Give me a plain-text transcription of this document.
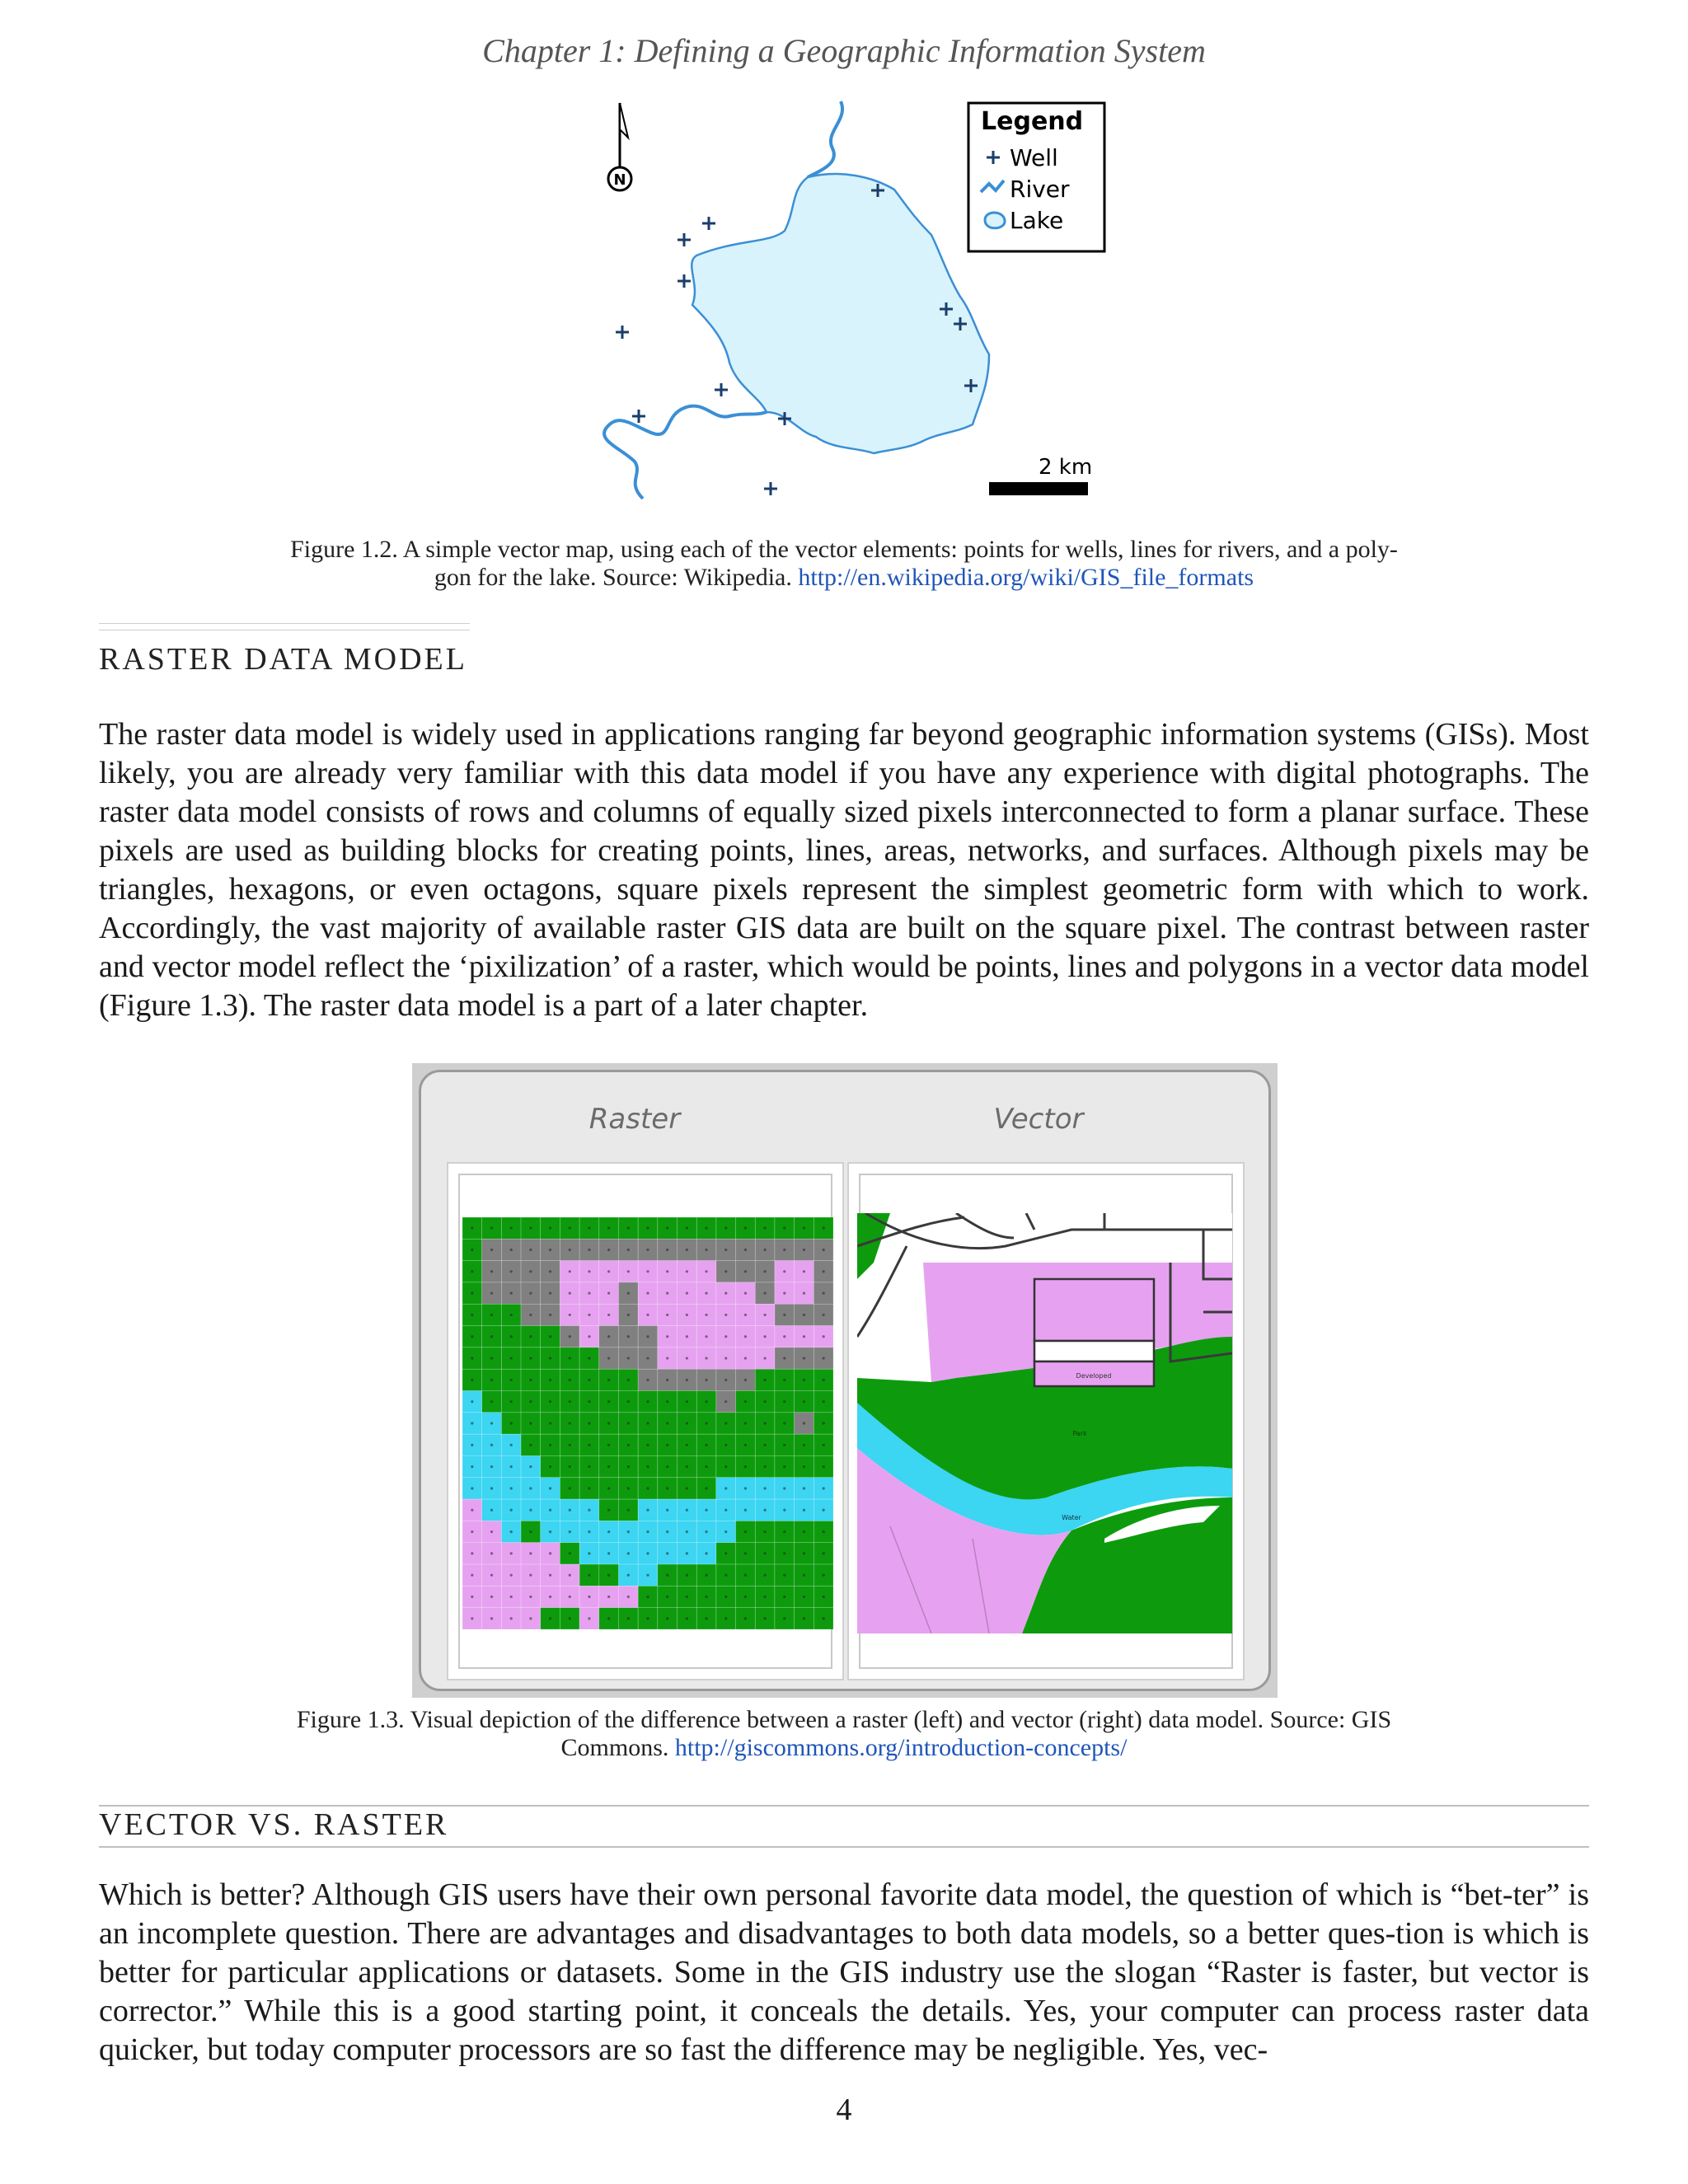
Chapter 1: Defining a Geographic Information System
N
Legend
Well
River
Lake
2 km
Figure 1.2. A simple vector map, using each of the vector elements: points for wells, lines for rivers, and a poly-
gon for the lake. Source: Wikipedia. http://en.wikipedia.org/wiki/GIS_file_formats
RASTER DATA MODEL

The raster data model is widely used in applications ranging far beyond geographic information systems (GISs). Most likely, you are already very familiar with this data model if you have any experience with digital photographs. The raster data model consists of rows and columns of equally sized pixels interconnected to form a planar surface. These pixels are used as building blocks for creating points, lines, areas, networks, and surfaces. Although pixels may be triangles, hexagons, or even octagons, square pixels represent the simplest geometric form with which to work. Accordingly, the vast majority of available raster GIS data are built on the square pixel. The contrast between raster and vector model reflect the ‘pixilization’ of a raster, which would be points, lines and polygons in a vector data model (Figure 1.3). The raster data model is a part of a later chapter.

Raster	Vector
Developed
Park
Water
Figure 1.3. Visual depiction of the difference between a raster (left) and vector (right) data model. Source: GIS
Commons. http://giscommons.org/introduction-concepts/
VECTOR VS. RASTER

Which is better? Although GIS users have their own personal favorite data model, the question of which is “bet-ter” is an incomplete question. There are advantages and disadvantages to both data models, so a better ques-tion is which is better for particular applications or datasets. Some in the GIS industry use the slogan “Raster is faster, but vector is corrector.” While this is a good starting point, it conceals the details. Yes, your computer can process raster data quicker, but today computer processors are so fast the difference may be negligible. Yes, vec-

4
